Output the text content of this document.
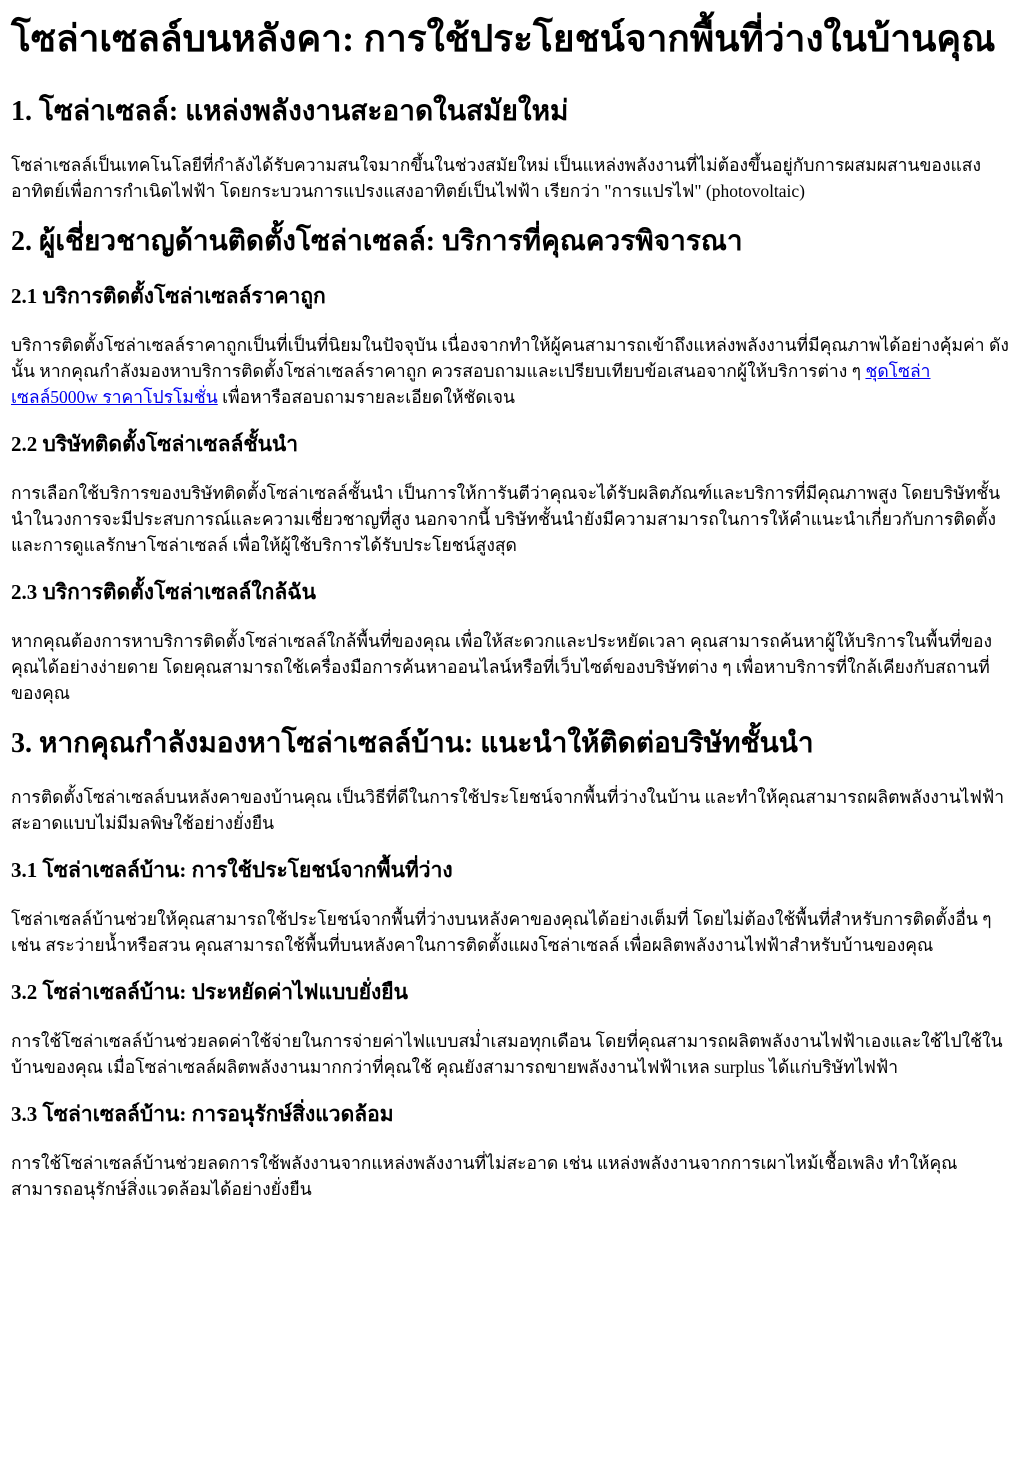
โซล่าเซลล์บนหลังคา: การใช้ประโยชน์จากพื้นที่ว่างในบ้านคุณ
1. โซล่าเซลล์: แหล่งพลังงานสะอาดในสมัยใหม่

โซล่าเซลล์เป็นเทคโนโลยีที่กำลังได้รับความสนใจมากขึ้นในช่วงสมัยใหม่ เป็นแหล่งพลังงานที่ไม่ต้องขึ้นอยู่กับการผสมผสานของแสงอาทิตย์เพื่อการกำเนิดไฟฟ้า โดยกระบวนการแปรงแสงอาทิตย์เป็นไฟฟ้า เรียกว่า "การแปรไฟ" (photovoltaic)

2. ผู้เชี่ยวชาญด้านติดตั้งโซล่าเซลล์: บริการที่คุณควรพิจารณา
2.1 บริการติดตั้งโซล่าเซลล์ราคาถูก

บริการติดตั้งโซล่าเซลล์ราคาถูกเป็นที่เป็นที่นิยมในปัจจุบัน เนื่องจากทำให้ผู้คนสามารถเข้าถึงแหล่งพลังงานที่มีคุณภาพได้อย่างคุ้มค่า ดังนั้น หากคุณกำลังมองหาบริการติดตั้งโซล่าเซลล์ราคาถูก ควรสอบถามและเปรียบเทียบข้อเสนอจากผู้ให้บริการต่าง ๆ ชุดโซล่าเซลล์5000w ราคาโปรโมชั่น เพื่อหารือสอบถามรายละเอียดให้ชัดเจน

2.2 บริษัทติดตั้งโซล่าเซลล์ชั้นนำ

การเลือกใช้บริการของบริษัทติดตั้งโซล่าเซลล์ชั้นนำ เป็นการให้การันตีว่าคุณจะได้รับผลิตภัณฑ์และบริการที่มีคุณภาพสูง โดยบริษัทชั้นนำในวงการจะมีประสบการณ์และความเชี่ยวชาญที่สูง นอกจากนี้ บริษัทชั้นนำยังมีความสามารถในการให้คำแนะนำเกี่ยวกับการติดตั้งและการดูแลรักษาโซล่าเซลล์ เพื่อให้ผู้ใช้บริการได้รับประโยชน์สูงสุด

2.3 บริการติดตั้งโซล่าเซลล์ใกล้ฉัน

หากคุณต้องการหาบริการติดตั้งโซล่าเซลล์ใกล้พื้นที่ของคุณ เพื่อให้สะดวกและประหยัดเวลา คุณสามารถค้นหาผู้ให้บริการในพื้นที่ของคุณได้อย่างง่ายดาย โดยคุณสามารถใช้เครื่องมือการค้นหาออนไลน์หรือที่เว็บไซต์ของบริษัทต่าง ๆ เพื่อหาบริการที่ใกล้เคียงกับสถานที่ของคุณ

3. หากคุณกำลังมองหาโซล่าเซลล์บ้าน: แนะนำให้ติดต่อบริษัทชั้นนำ

การติดตั้งโซล่าเซลล์บนหลังคาของบ้านคุณ เป็นวิธีที่ดีในการใช้ประโยชน์จากพื้นที่ว่างในบ้าน และทำให้คุณสามารถผลิตพลังงานไฟฟ้าสะอาดแบบไม่มีมลพิษใช้อย่างยั่งยืน

3.1 โซล่าเซลล์บ้าน: การใช้ประโยชน์จากพื้นที่ว่าง

โซล่าเซลล์บ้านช่วยให้คุณสามารถใช้ประโยชน์จากพื้นที่ว่างบนหลังคาของคุณได้อย่างเต็มที่ โดยไม่ต้องใช้พื้นที่สำหรับการติดตั้งอื่น ๆ เช่น สระว่ายน้ำหรือสวน คุณสามารถใช้พื้นที่บนหลังคาในการติดตั้งแผงโซล่าเซลล์ เพื่อผลิตพลังงานไฟฟ้าสำหรับบ้านของคุณ

3.2 โซล่าเซลล์บ้าน: ประหยัดค่าไฟแบบยั่งยืน

การใช้โซล่าเซลล์บ้านช่วยลดค่าใช้จ่ายในการจ่ายค่าไฟแบบสม่ำเสมอทุกเดือน โดยที่คุณสามารถผลิตพลังงานไฟฟ้าเองและใช้ไปใช้ในบ้านของคุณ เมื่อโซล่าเซลล์ผลิตพลังงานมากกว่าที่คุณใช้ คุณยังสามารถขายพลังงานไฟฟ้าเหล surplus ได้แก่บริษัทไฟฟ้า

3.3 โซล่าเซลล์บ้าน: การอนุรักษ์สิ่งแวดล้อม

การใช้โซล่าเซลล์บ้านช่วยลดการใช้พลังงานจากแหล่งพลังงานที่ไม่สะอาด เช่น แหล่งพลังงานจากการเผาไหม้เชื้อเพลิง ทำให้คุณสามารถอนุรักษ์สิ่งแวดล้อมได้อย่างยั่งยืน
